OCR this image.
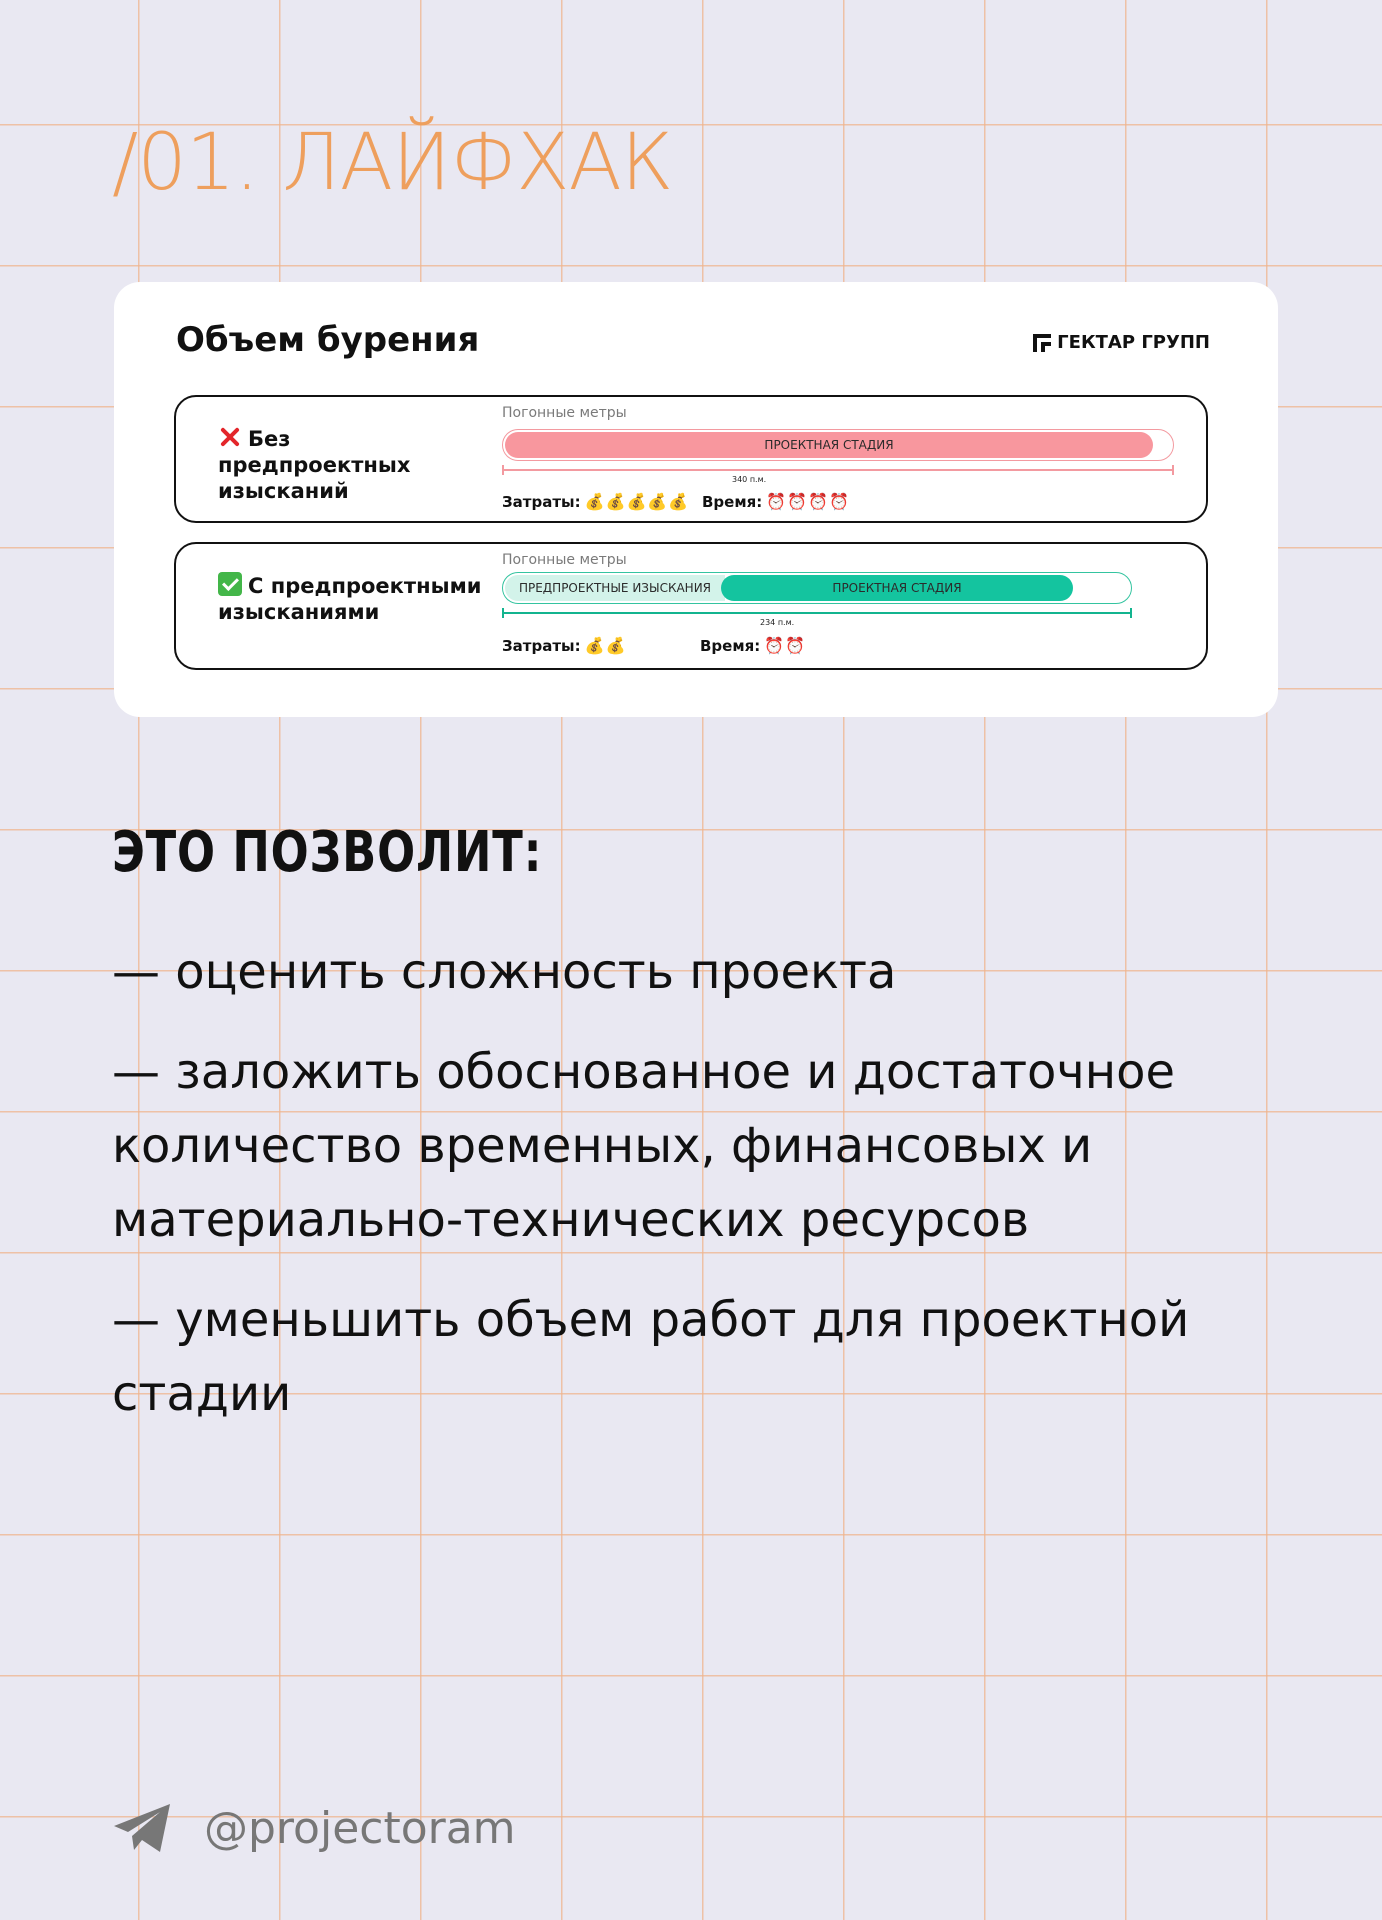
/01. ЛАЙФХАК
Объем бурения	ГЕКТАР ГРУПП
Без предпроектных изысканий
Погонные метры
ПРОЕКТНАЯ СТАДИЯ
340 п.м.
Затраты: 💰💰💰💰💰 Время: ⏰⏰⏰⏰
С предпроектными изысканиями
Погонные метры
ПРЕДПРОЕКТНЫЕ ИЗЫСКАНИЯ	ПРОЕКТНАЯ СТАДИЯ
234 п.м.
Затраты: 💰💰	Время: ⏰⏰
ЭТО ПОЗВОЛИТ:
— оценить сложность проекта
— заложить обоснованное и достаточное количество временных, финансовых и материально-технических ресурсов
— уменьшить объем работ для проектной стадии
@projectoram
